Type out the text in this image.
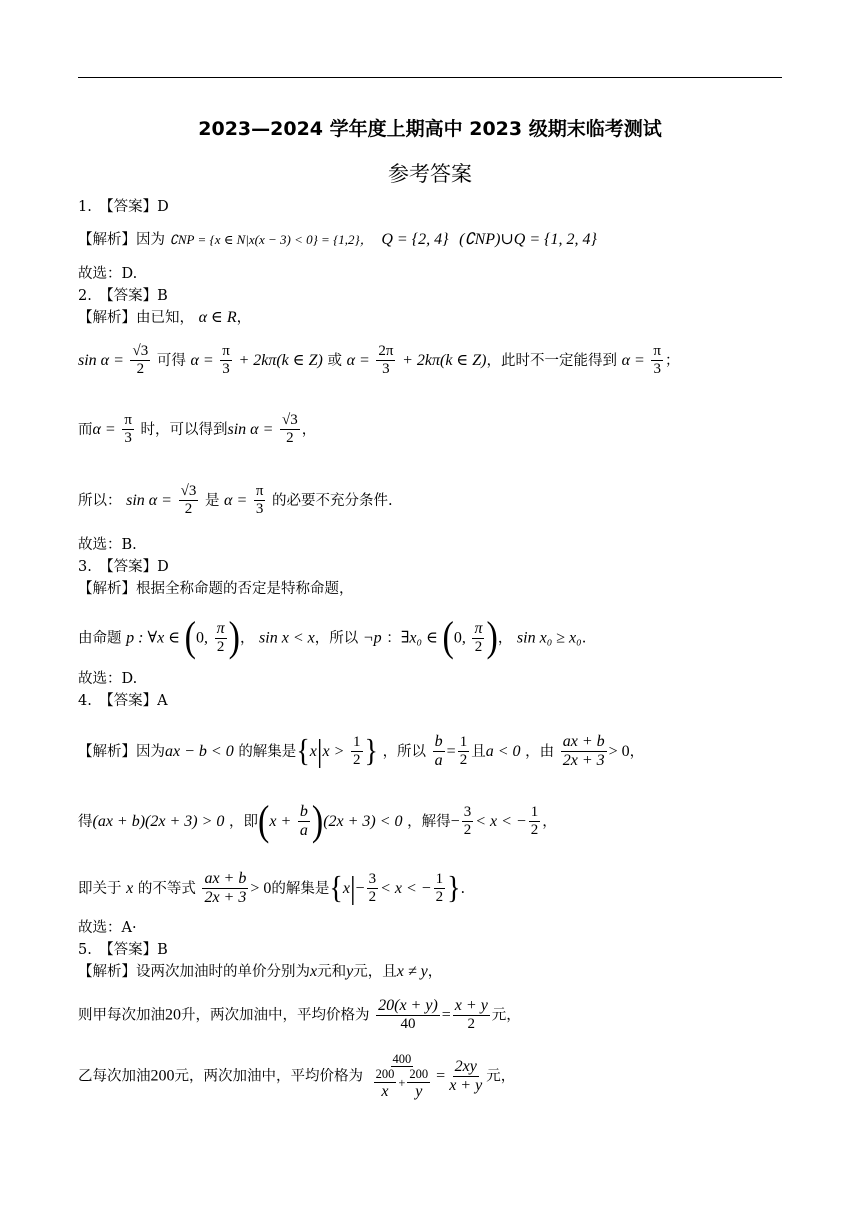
2023—2024 学年度上期高中 2023 级期末临考测试
参考答案
1.　【答案】D
【解析】因为 ∁NP = {x ∈ N|x(x − 3) < 0} = {1,2}， Q = {2, 4} (∁NP)∪Q = {1, 2, 4}
故选：D.
2.　【答案】B
【解析】由已知， α ∈ R，
$\sin \alpha = \frac{√3}{2}$ 可得 $\alpha = \frac{\pi}{3} + 2k\pi(k$ ∈ Z) 或 $\alpha = \frac{2\pi}{3} + 2k\pi(k$ ∈ Z)，此时不一定能得到 $\alpha = \frac{\pi}{3}$ ；
而$\alpha = \frac{\pi}{3}$ 时，可以得到$\sin \alpha = \frac{√3}{2}$ ，
所以： $\sin \alpha = \frac{√3}{2}$ 是 $\alpha = \frac{\pi}{3}$ 的必要不充分条件.
故选：B.
3.　【答案】D
【解析】根据全称命题的否定是特称命题，
由命题 p : ∀x ∈ (0, $\frac{\pi}{2}$ )， sin x < x，所以 ¬p ：∃x₀ ∈ (0, $\frac{\pi}{2}$ )， sin x₀ ≥ x₀.
故选：D.
4.　【答案】A
【解析】因为ax − b < 0 的解集是{$x|x > \frac{1}{2}$ } ，所以 $\frac{b}{a} = \frac{1}{2}$ 且a < 0 ，由 $\frac{ax + b}{2x + 3} > 0$，
得(ax + b)(2x + 3) > 0 ，即$(x + \frac{b}{a} )(2x + 3) < 0$ ，解得− $\frac{3}{2} < x$ < − $\frac{1}{2}$ ，
即关于 x 的不等式 $\frac{ax + b}{2x + 3} > 0$的解集是{$x|- \frac{3}{2} < x$ < − $\frac{1}{2}$ }.
故选：A·
5.　【答案】B
【解析】设两次加油时的单价分别为x元和y元，且x ≠ y，
则甲每次加油20升，两次加油中，平均价格为 $\frac{20(x + y)}{40} = \frac{x + y}{2}$ 元，
乙每次加油200元，两次加油中，平均价格为 $\frac{400}{\frac{200}{x} + \frac{200}{y}} = \frac{2xy}{x + y}$ 元，
